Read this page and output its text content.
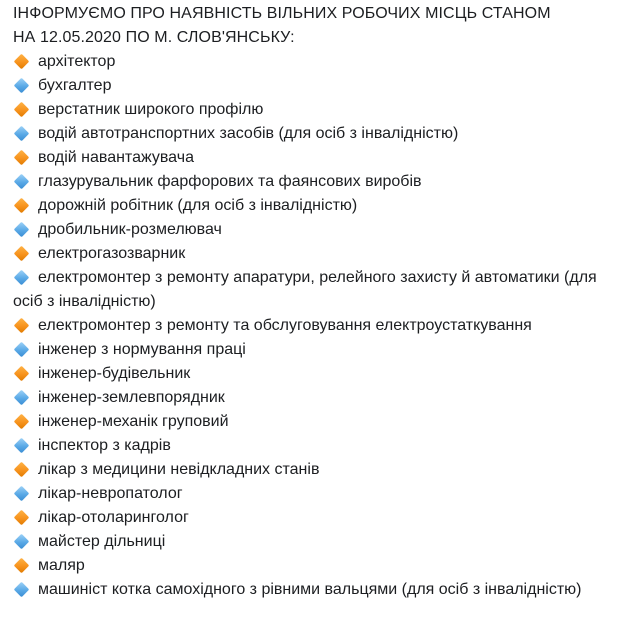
ІНФОРМУЄМО ПРО НАЯВНІСТЬ ВІЛЬНИХ РОБОЧИХ МІСЦЬ СТАНОМ
НА 12.05.2020 ПО М. СЛОВ'ЯНСЬКУ:

архітектор
бухгалтер
верстатник широкого профілю
водій автотранспортних засобів (для осіб з інвалідністю)
водій навантажувача
глазурувальник фарфорових та фаянсових виробів
дорожній робітник (для осіб з інвалідністю)
дробильник-розмелювач
електрогазозварник
електромонтер з ремонту апаратури, релейного захисту й автоматики (для осіб з інвалідністю)
електромонтер з ремонту та обслуговування електроустаткування
інженер з нормування праці
інженер-будівельник
інженер-землевпорядник
інженер-механік груповий
інспектор з кадрів
лікар з медицини невідкладних станів
лікар-невропатолог
лікар-отоларинголог
майстер дільниці
маляр
машиніст котка самохідного з рівними вальцями (для осіб з інвалідністю)
